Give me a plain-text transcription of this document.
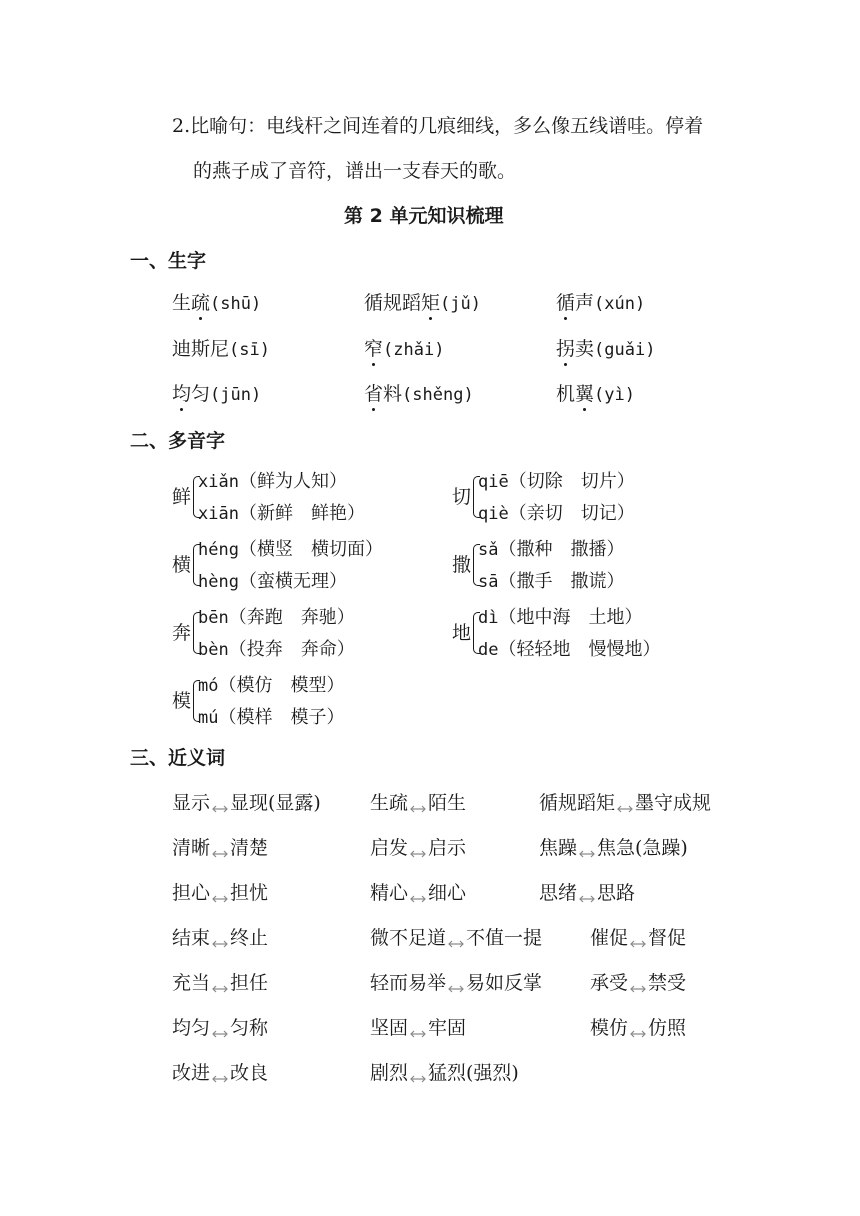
2.比喻句：电线杆之间连着的几痕细线，多么像五线谱哇。停着
的燕子成了音符，谱出一支春天的歌。
第 2 单元知识梳理
一、生字
生疏(shū)	循规蹈矩(jǔ)	循声(xún)
迪斯尼(sī)	窄(zhǎi)	拐卖(guǎi)
均匀(jūn)	省料(shěng)	机翼(yì)
二、多音字
鲜
xiǎn（鲜为人知）
xiān（新鲜　鲜艳）
切
qiē（切除　切片）
qiè（亲切　切记）
横
héng（横竖　横切面）
hèng（蛮横无理）
撒
sǎ（撒种　撒播）
sā（撒手　撒谎）
奔
bēn（奔跑　奔驰）
bèn（投奔　奔命）
地
dì（地中海　土地）
de（轻轻地　慢慢地）
模
mó（模仿　模型）
mú（模样　模子）
三、近义词
显示 显现(显露)	生疏 陌生	循规蹈矩 墨守成规
清晰 清楚	启发 启示	焦躁 焦急(急躁)
担心 担忧	精心 细心	思绪 思路
结束 终止	微不足道 不值一提	催促 督促
充当 担任	轻而易举 易如反掌	承受 禁受
均匀 匀称	坚固 牢固	模仿 仿照
改进 改良	剧烈 猛烈(强烈)
